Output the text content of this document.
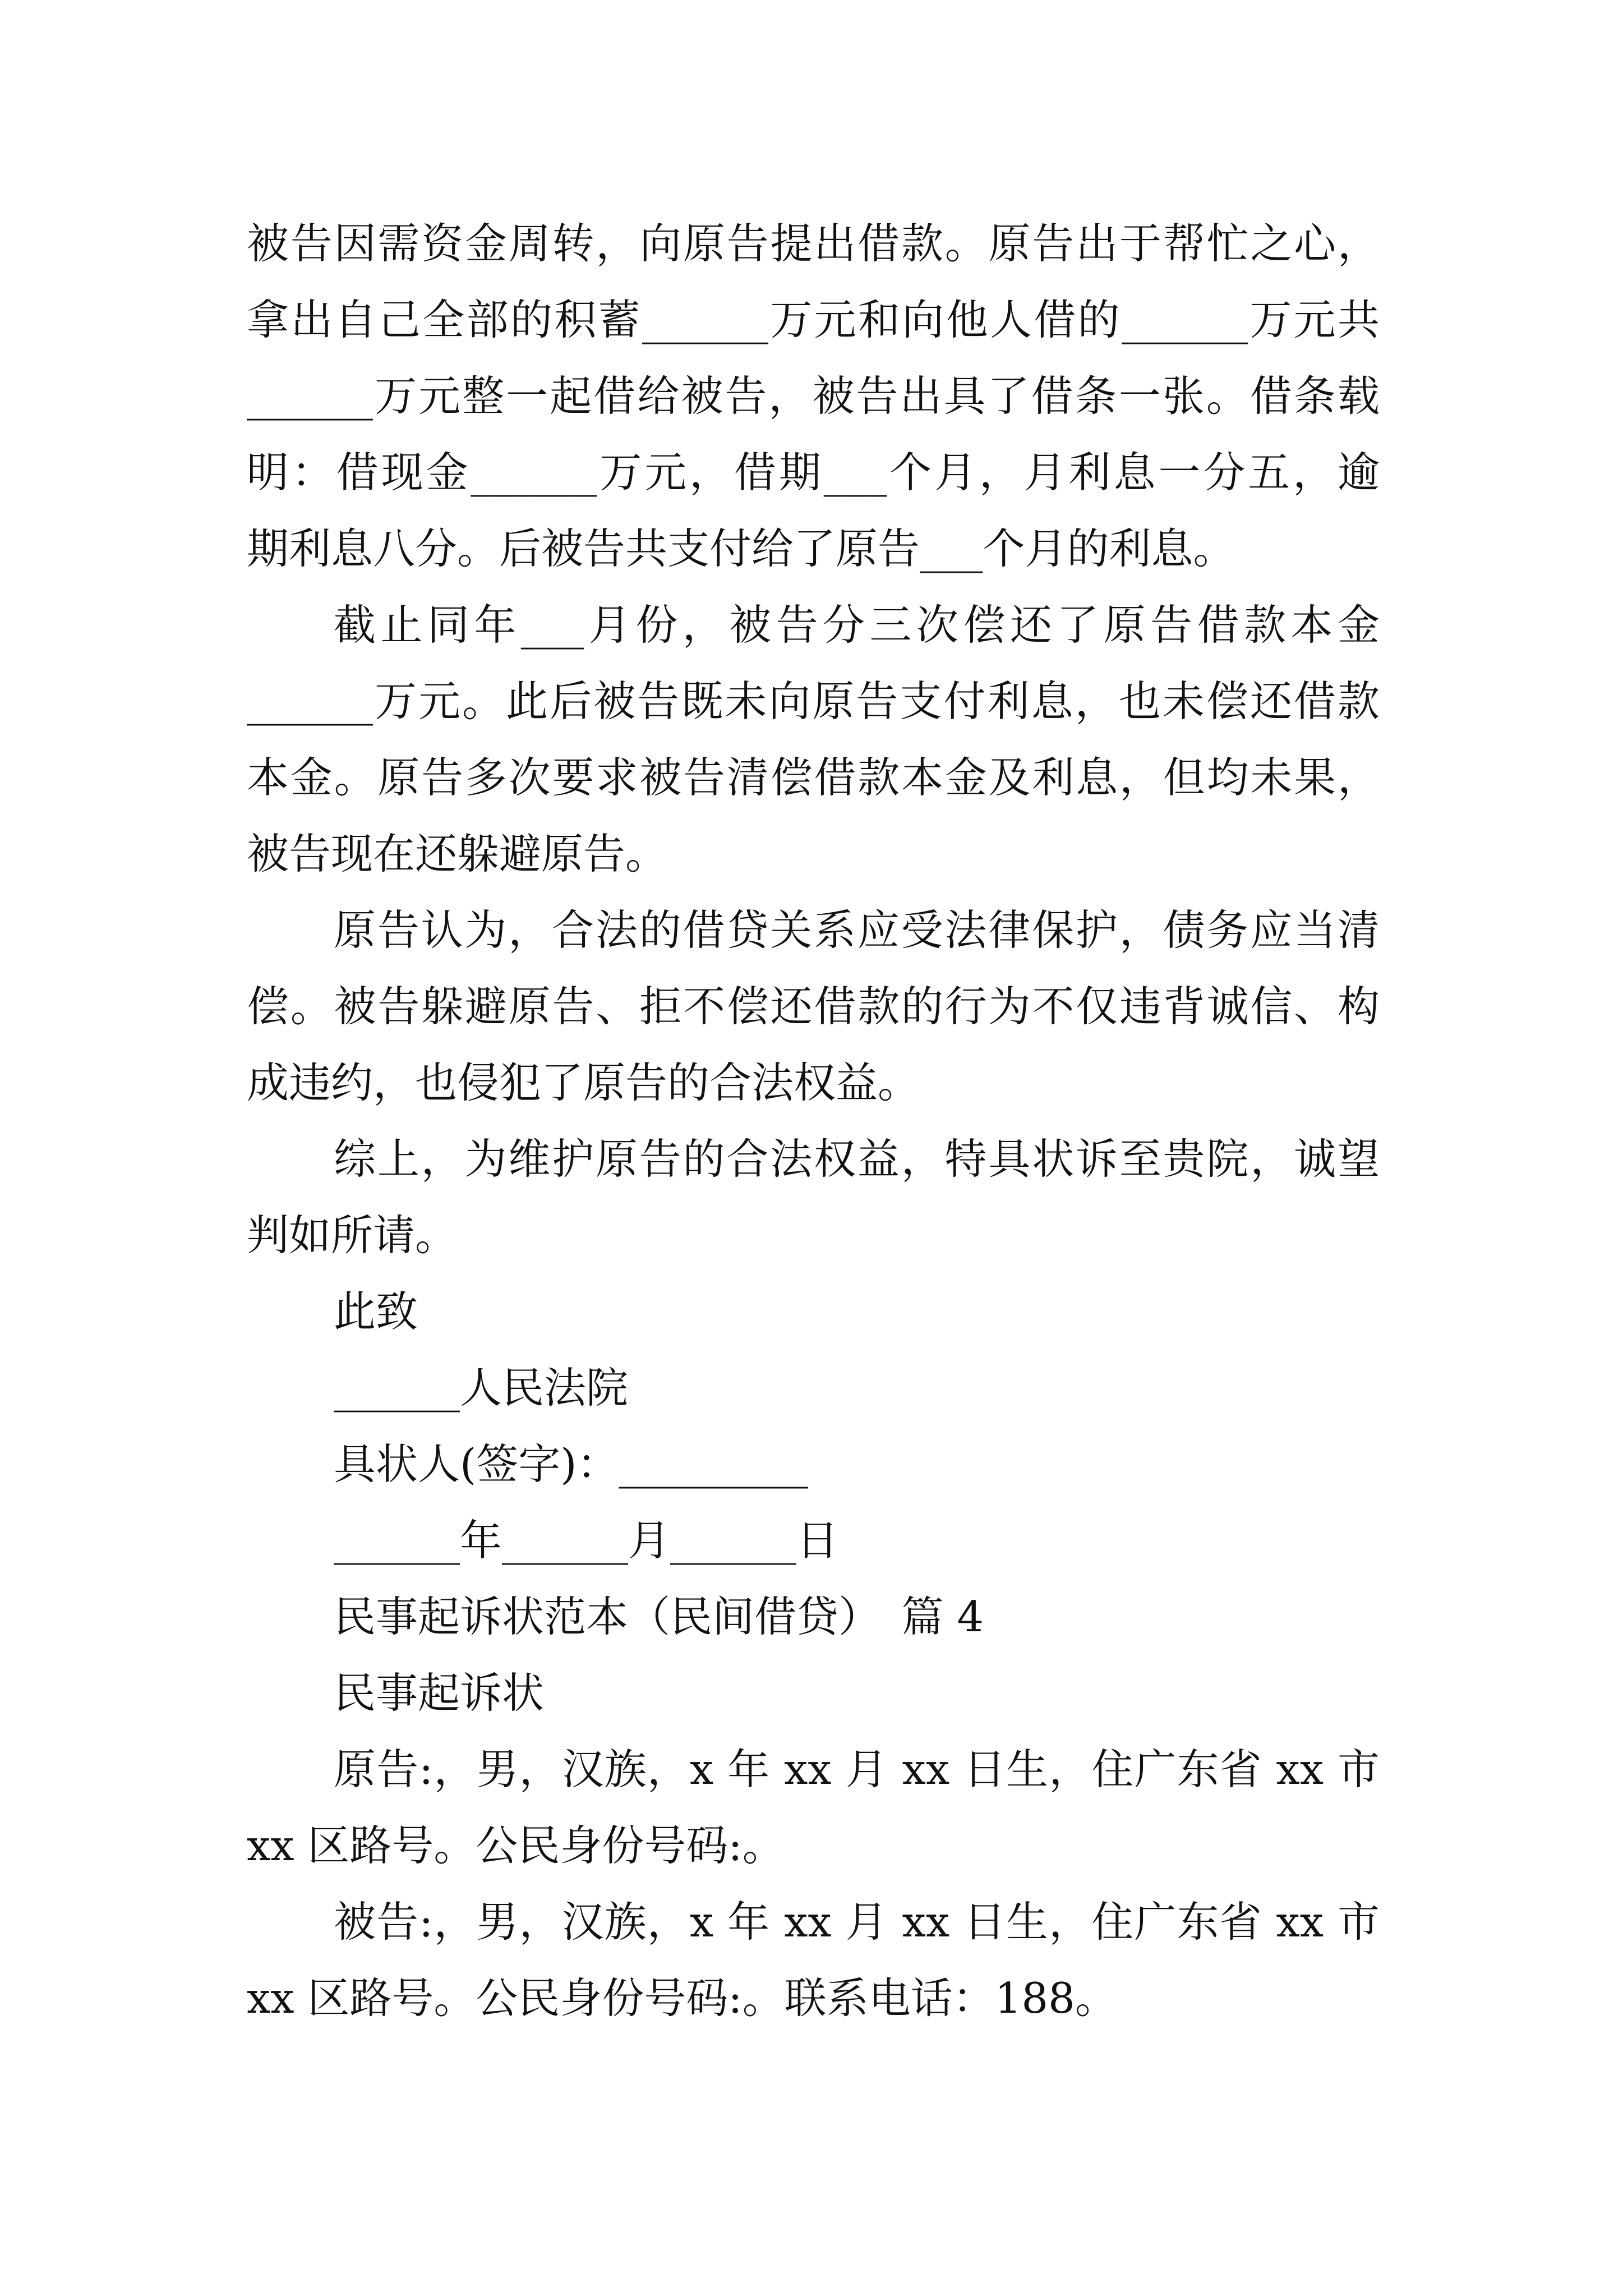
被告因需资金周转，向原告提出借款。原告出于帮忙之心，
拿出自己全部的积蓄______万元和向他人借的______万元共
______万元整一起借给被告，被告出具了借条一张。借条载
明：借现金______万元，借期___个月，月利息一分五，逾
期利息八分。后被告共支付给了原告___个月的利息。
截止同年___月份，被告分三次偿还了原告借款本金
______万元。此后被告既未向原告支付利息，也未偿还借款
本金。原告多次要求被告清偿借款本金及利息，但均未果，
被告现在还躲避原告。
原告认为，合法的借贷关系应受法律保护，债务应当清
偿。被告躲避原告、拒不偿还借款的行为不仅违背诚信、构
成违约，也侵犯了原告的合法权益。
综上，为维护原告的合法权益，特具状诉至贵院，诚望
判如所请。
此致
______人民法院
具状人(签字)：_________
______年______月______日
民事起诉状范本（民间借贷）　篇 4
民事起诉状
原告:，男，汉族，x 年 xx 月 xx 日生，住广东省 xx 市
xx 区路号。公民身份号码:。
被告:，男，汉族，x 年 xx 月 xx 日生，住广东省 xx 市
xx 区路号。公民身份号码:。联系电话：188。
